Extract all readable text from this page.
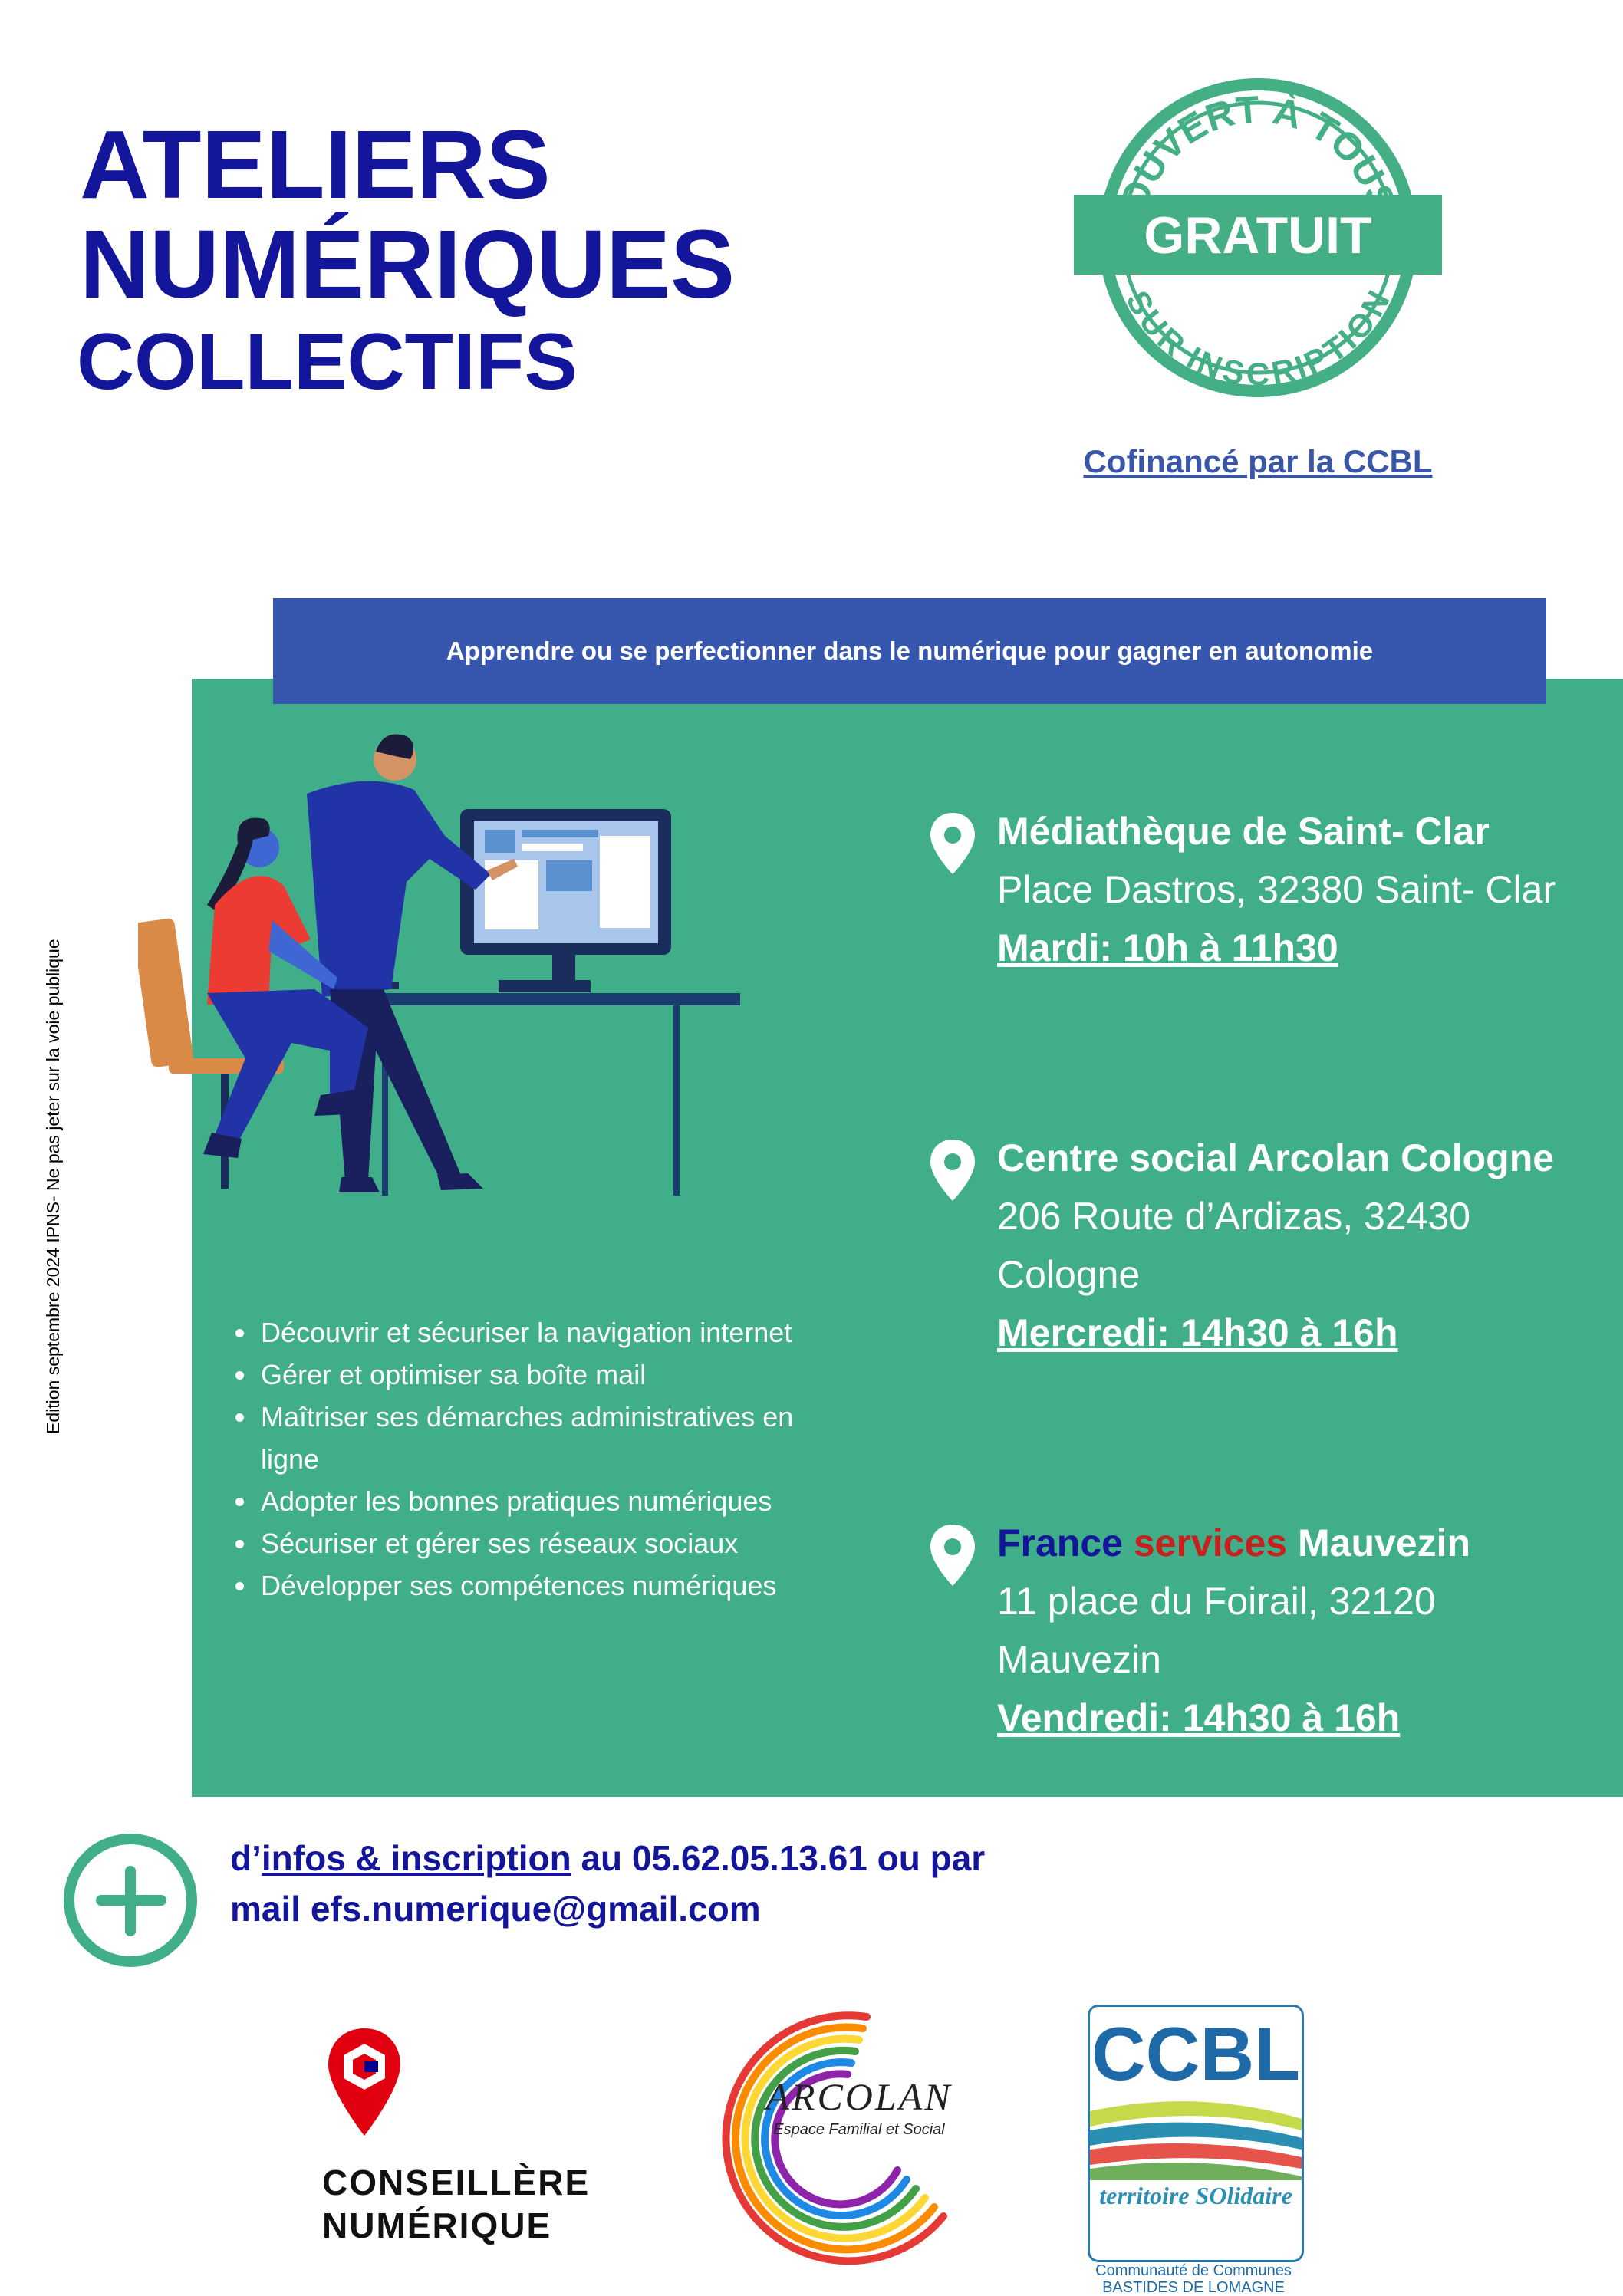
ATELIERS
NUMÉRIQUES
COLLECTIFS
UVERT À TOU
GRATUIT
SUR INSCRIPTION
Cofinancé par la CCBL
Apprendre ou se perfectionner dans le numérique pour gagner en autonomie
Médiathèque de Saint- Clar
Place Dastros, 32380 Saint- Clar
Mardi: 10h à 11h30
Centre social Arcolan Cologne
206 Route d’Ardizas, 32430
Cologne
Mercredi: 14h30 à 16h
France services Mauvezin
11 place du Foirail, 32120
Mauvezin
Vendredi: 14h30 à 16h
• Découvrir et sécuriser la navigation internet
• Gérer et optimiser sa boîte mail
• Maîtriser ses démarches administratives en ligne
• Adopter les bonnes pratiques numériques
• Sécuriser et gérer ses réseaux sociaux
• Développer ses compétences numériques
Edition septembre 2024 IPNS- Ne pas jeter sur la voie publique
d’infos & inscription au 05.62.05.13.61 ou par
mail efs.numerique@gmail.com
CONSEILLÈRE
NUMÉRIQUE
ARCOLAN
Espace Familial et Social
CCBL
territoire SOlidaire
Communauté de Communes
BASTIDES DE LOMAGNE
